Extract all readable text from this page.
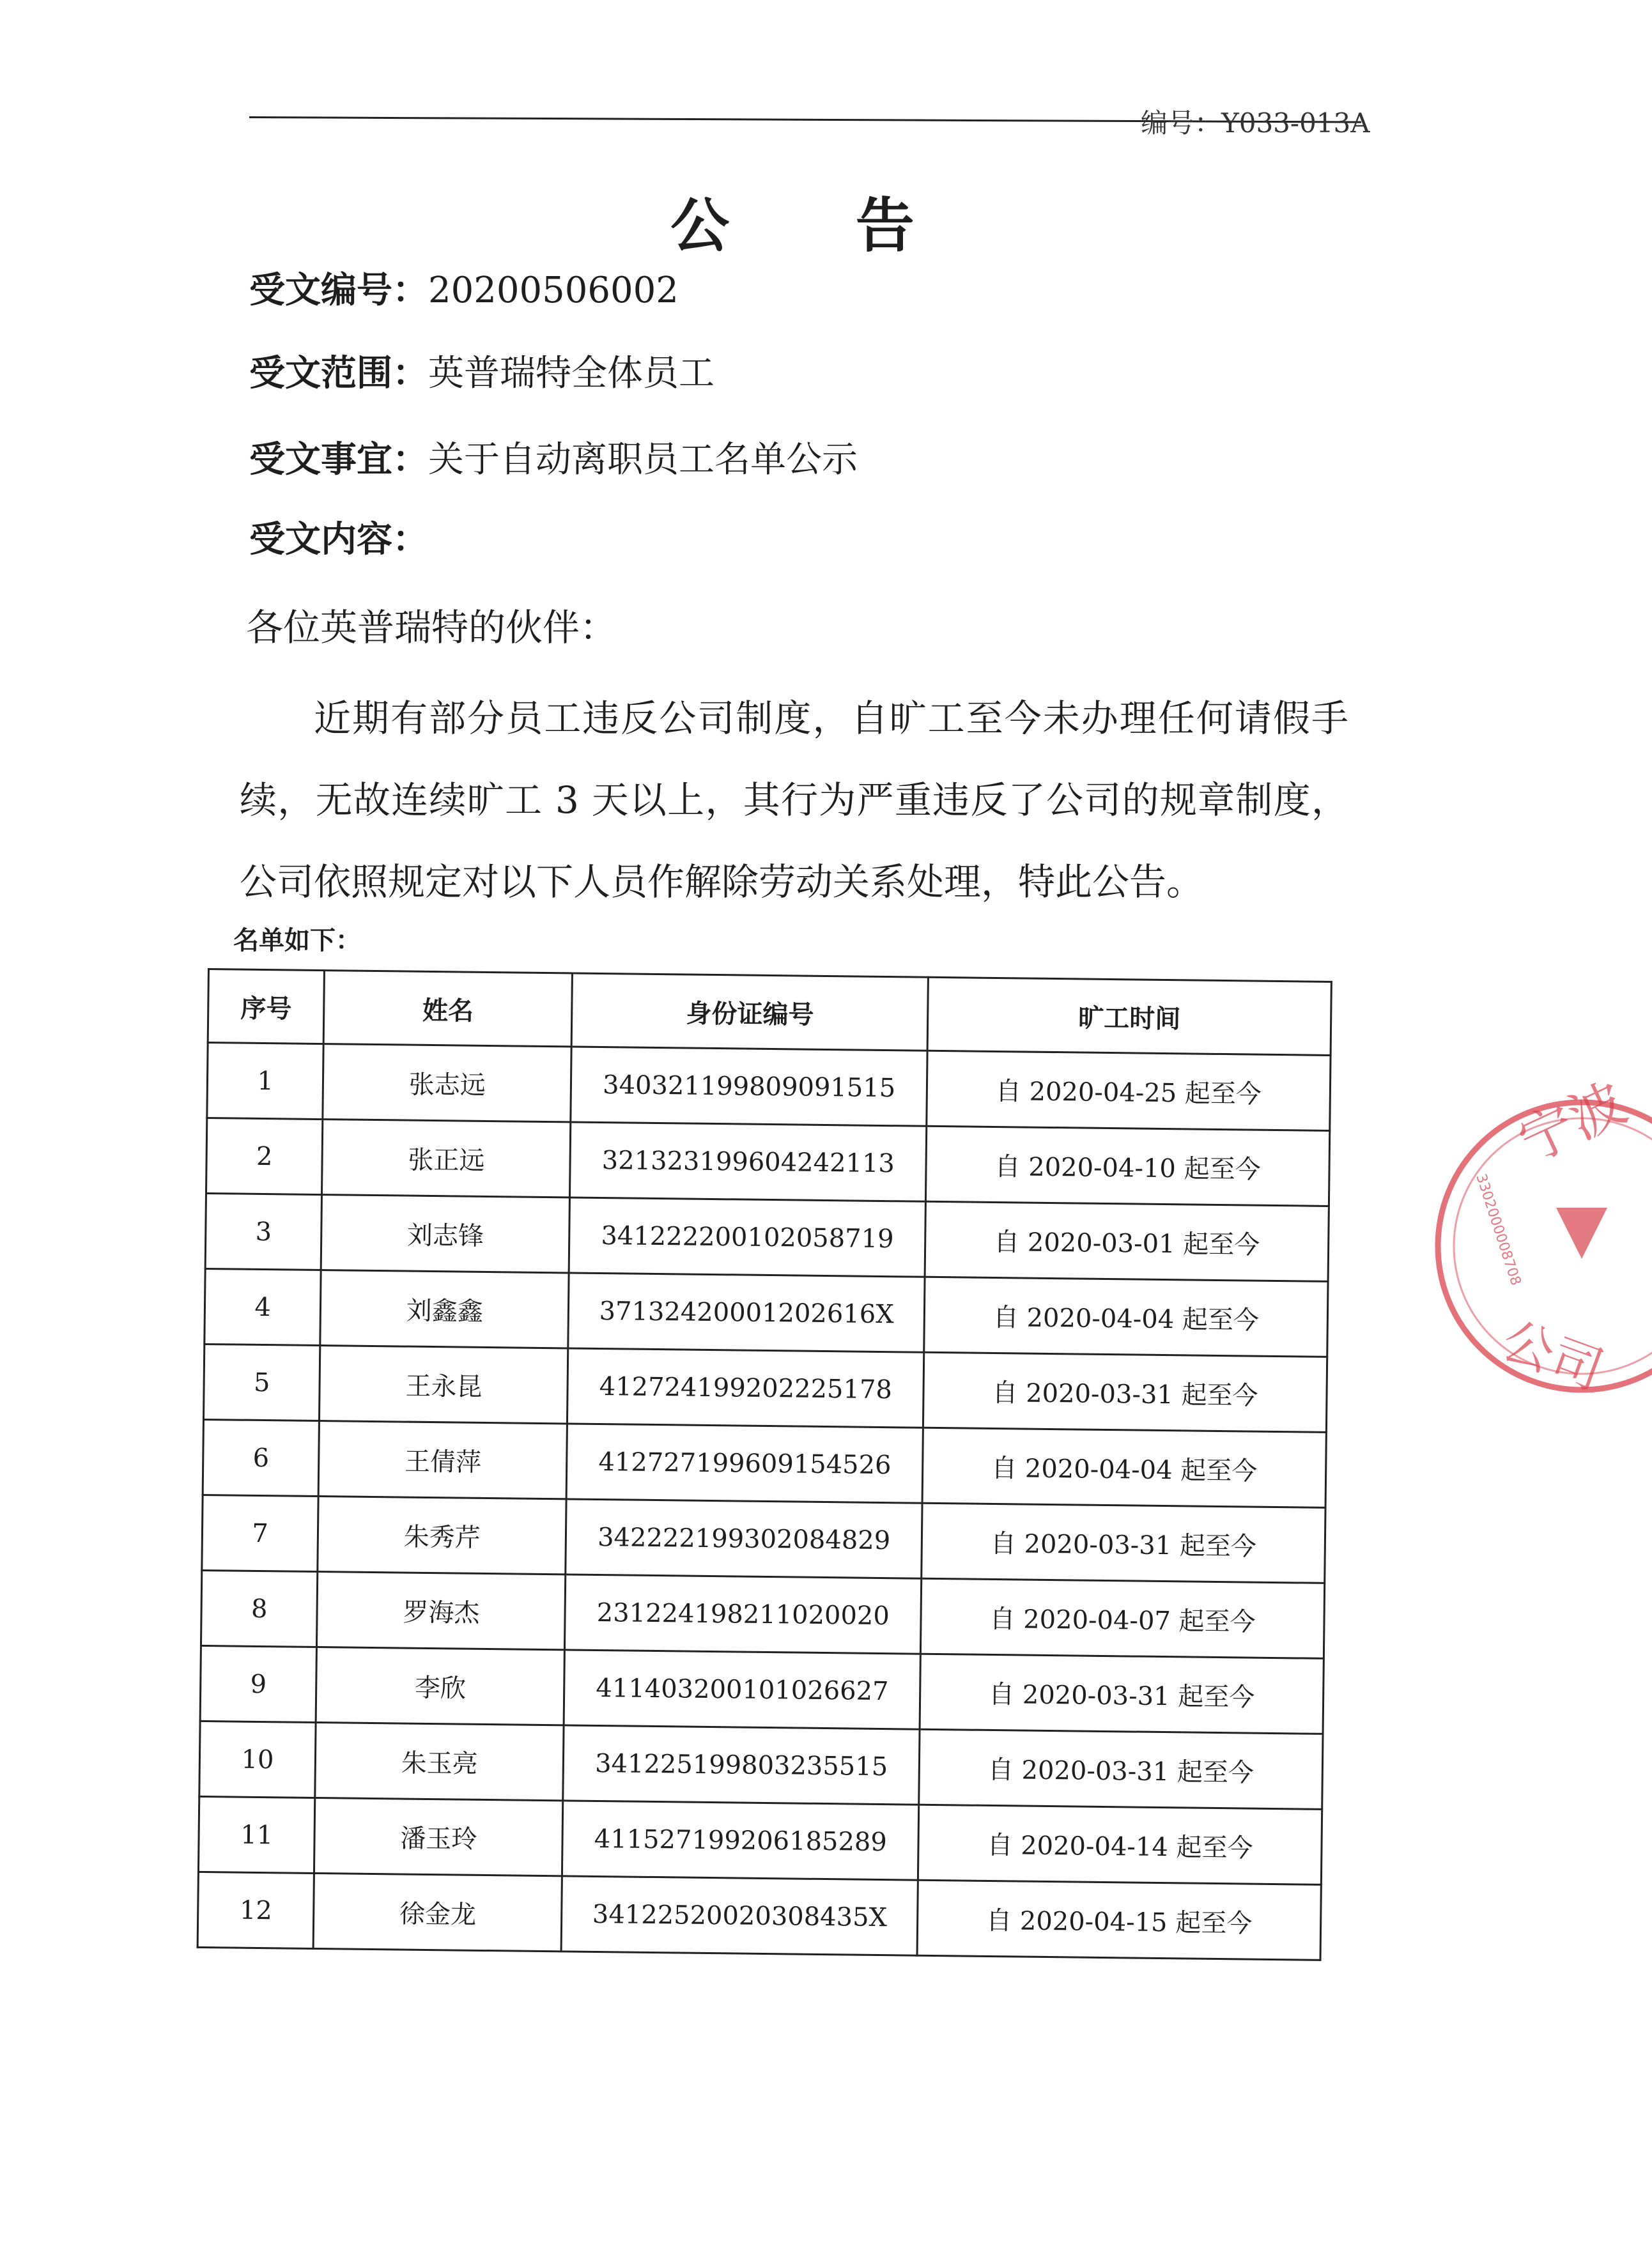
编号：Y033-013A
公 告
受文编号：20200506002
受文范围：英普瑞特全体员工
受文事宜：关于自动离职员工名单公示
受文内容：
各位英普瑞特的伙伴：

近期有部分员工违反公司制度，自旷工至今未办理任何请假手续，无故连续旷工 3 天以上，其行为严重违反了公司的规章制度，公司依照规定对以下人员作解除劳动关系处理，特此公告。

名单如下：
序号	姓名	身份证编号	旷工时间
1	张志远	340321199809091515	自 2020-04-25 起至今
2	张正远	321323199604242113	自 2020-04-10 起至今
3	刘志锋	341222200102058719	自 2020-03-01 起至今
4	刘鑫鑫	37132420001202616X	自 2020-04-04 起至今
5	王永昆	412724199202225178	自 2020-03-31 起至今
6	王倩萍	412727199609154526	自 2020-04-04 起至今
7	朱秀芹	342222199302084829	自 2020-03-31 起至今
8	罗海杰	231224198211020020	自 2020-04-07 起至今
9	李欣	411403200101026627	自 2020-03-31 起至今
10	朱玉亮	341225199803235515	自 2020-03-31 起至今
11	潘玉玲	411527199206185289	自 2020-04-14 起至今
12	徐金龙	34122520020308435X	自 2020-04-15 起至今
宁波
公司
3302000008708
